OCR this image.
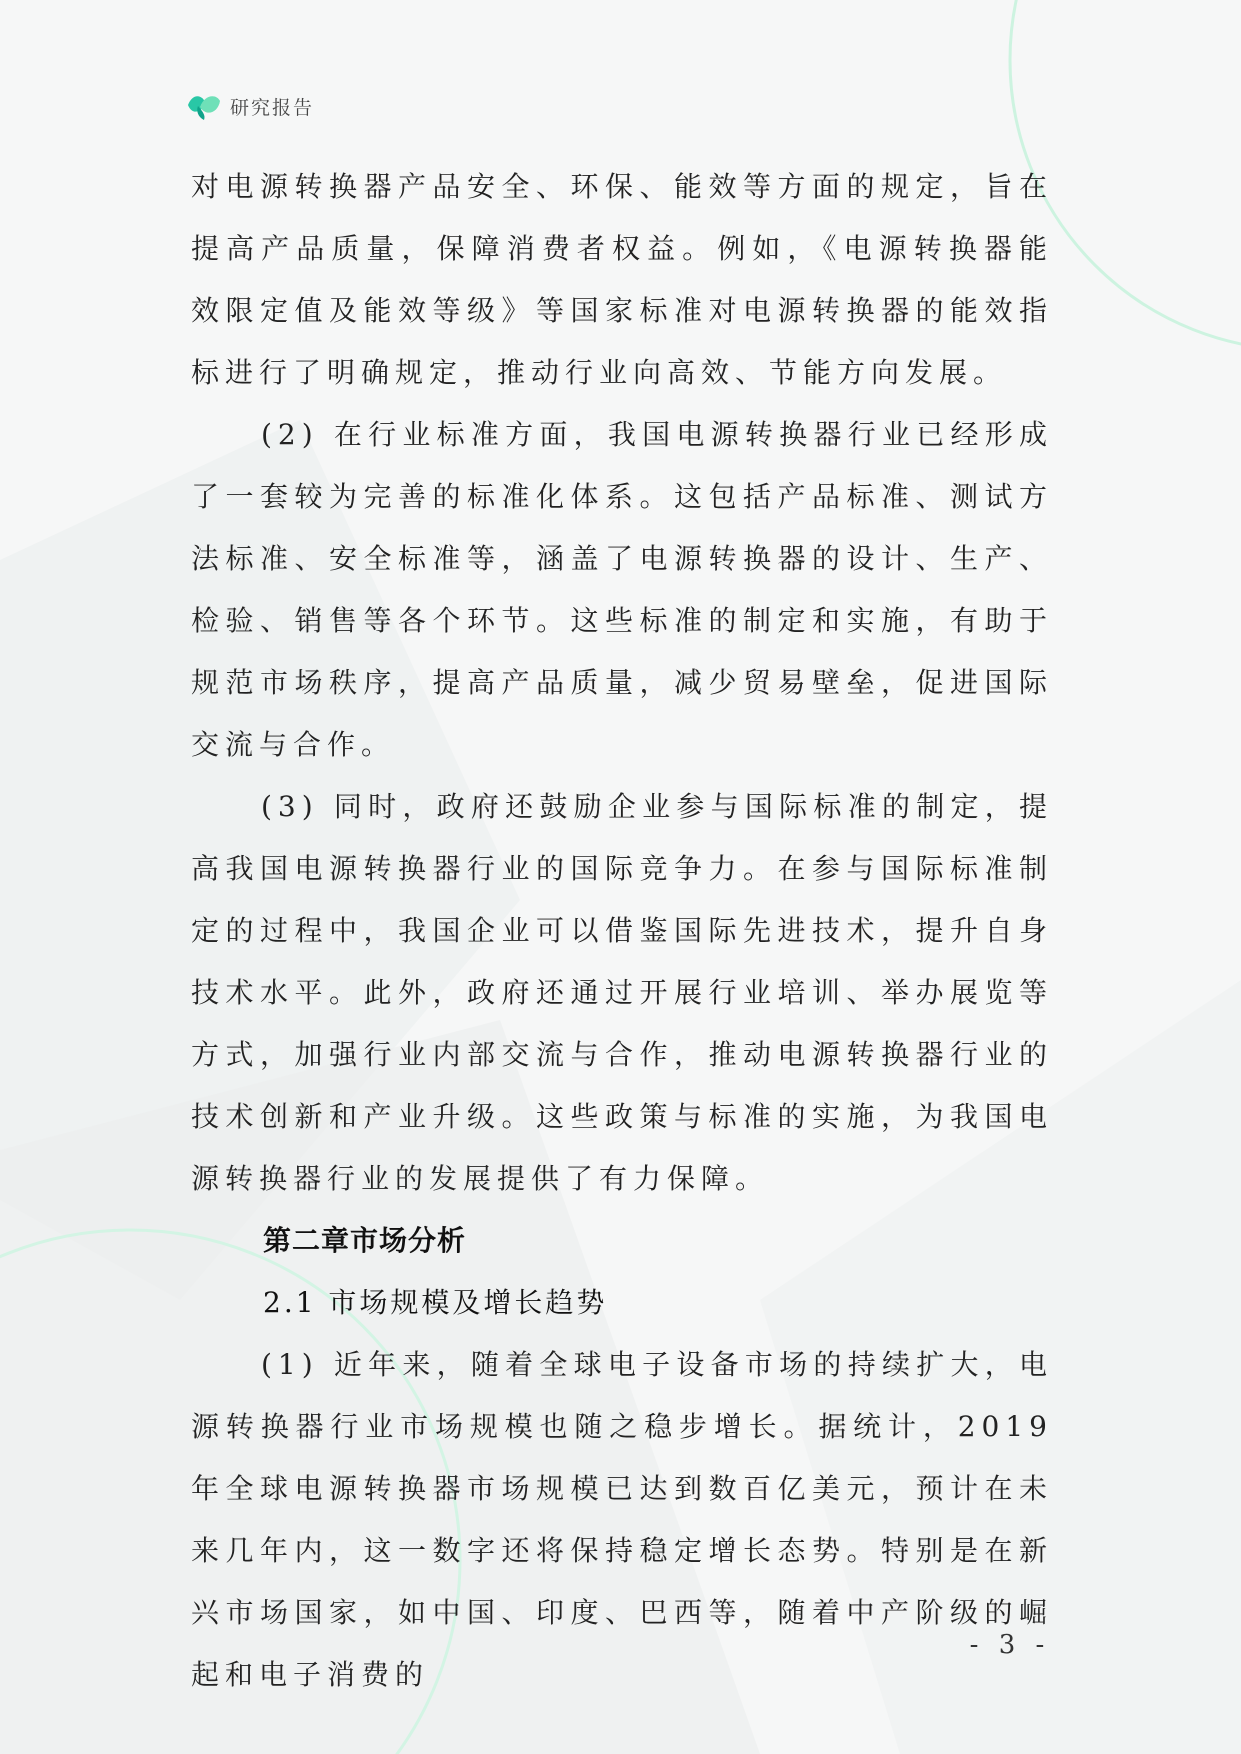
研究报告

对电源转换器产品安全、环保、能效等方面的规定，旨在提高产品质量，保障消费者权益。例如，《电源转换器能效限定值及能效等级》等国家标准对电源转换器的能效指标进行了明确规定，推动行业向高效、节能方向发展。

(2) 在行业标准方面，我国电源转换器行业已经形成了一套较为完善的标准化体系。这包括产品标准、测试方法标准、安全标准等，涵盖了电源转换器的设计、生产、检验、销售等各个环节。这些标准的制定和实施，有助于规范市场秩序，提高产品质量，减少贸易壁垒，促进国际交流与合作。

(3) 同时，政府还鼓励企业参与国际标准的制定，提高我国电源转换器行业的国际竞争力。在参与国际标准制定的过程中，我国企业可以借鉴国际先进技术，提升自身技术水平。此外，政府还通过开展行业培训、举办展览等方式，加强行业内部交流与合作，推动电源转换器行业的技术创新和产业升级。这些政策与标准的实施，为我国电源转换器行业的发展提供了有力保障。

第二章市场分析

2.1 市场规模及增长趋势

(1) 近年来，随着全球电子设备市场的持续扩大，电源转换器行业市场规模也随之稳步增长。据统计，2019 年全球电源转换器市场规模已达到数百亿美元，预计在未来几年内，这一数字还将保持稳定增长态势。特别是在新兴市场国家，如中国、印度、巴西等，随着中产阶级的崛起和电子消费的

- 3 -
